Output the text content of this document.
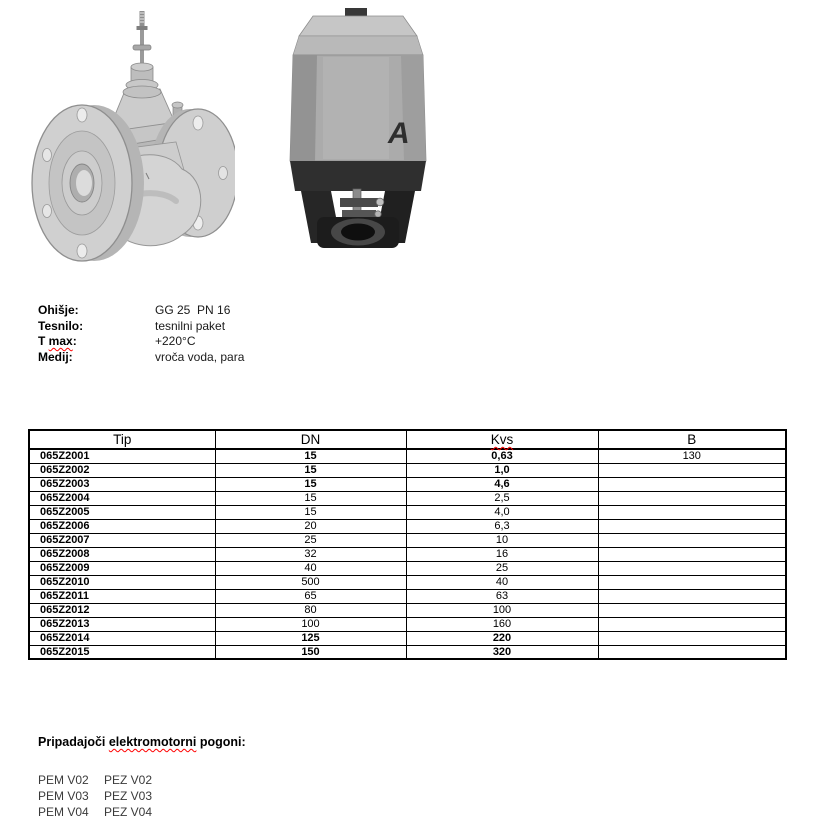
A
Ohišje:	GG 25  PN 16
Tesnilo:	tesnilni paket
T max:	+220°C
Medij:	vroča voda, para
Tip	DN	Kvs	B
065Z2001	15	0,63	130
065Z2002	15	1,0	
065Z2003	15	4,6	
065Z2004	15	2,5	
065Z2005	15	4,0	
065Z2006	20	6,3	
065Z2007	25	10	
065Z2008	32	16	
065Z2009	40	25	
065Z2010	500	40	
065Z2011	65	63	
065Z2012	80	100	
065Z2013	100	160	
065Z2014	125	220	
065Z2015	150	320	
Pripadajoči elektromotorni pogoni:
PEM V02 PEZ V02
PEM V03 PEZ V03
PEM V04 PEZ V04
